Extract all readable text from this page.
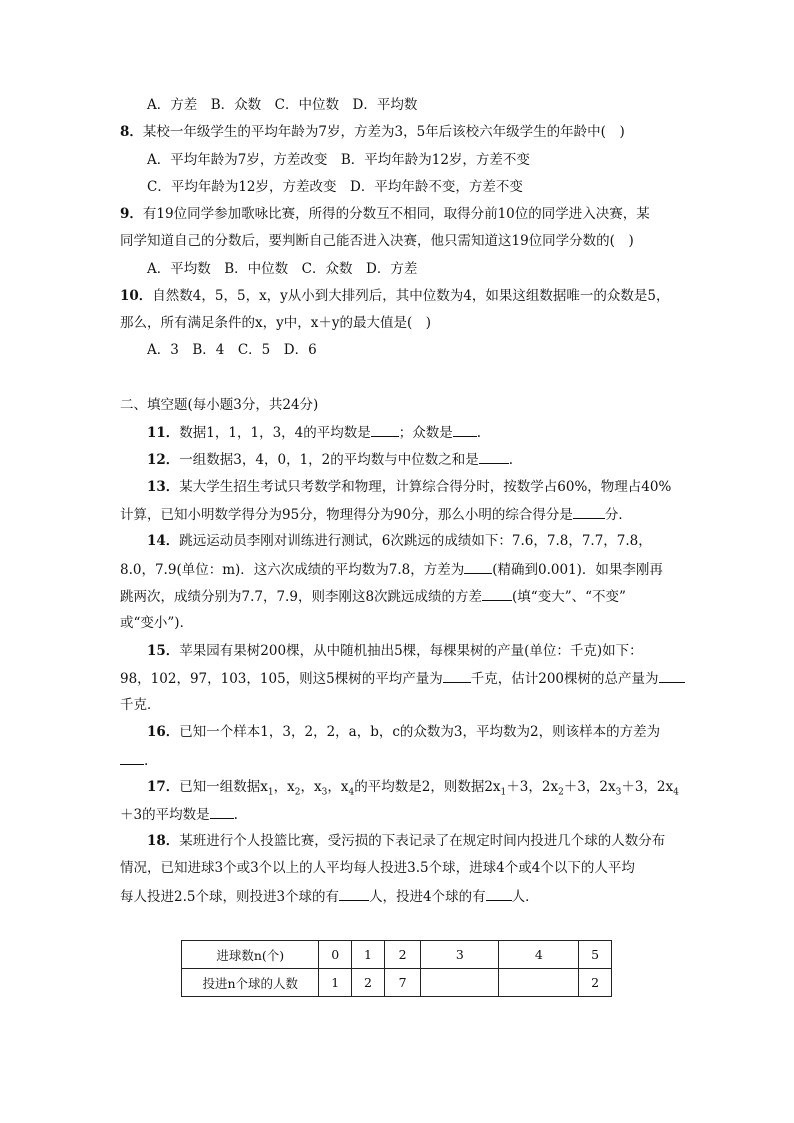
A．方差　B．众数　C．中位数　D．平均数
8．某校一年级学生的平均年龄为7岁，方差为3，5年后该校六年级学生的年龄中(　)
A．平均年龄为7岁，方差改变　B．平均年龄为12岁，方差不变
C．平均年龄为12岁，方差改变　D．平均年龄不变，方差不变
9．有19位同学参加歌咏比赛，所得的分数互不相同，取得分前10位的同学进入决赛，某
同学知道自己的分数后，要判断自己能否进入决赛，他只需知道这19位同学分数的(　)
A．平均数　B．中位数　C．众数　D．方差
10．自然数4，5，5，x，y从小到大排列后，其中位数为4，如果这组数据唯一的众数是5，
那么，所有满足条件的x，y中，x＋y的最大值是(　)
A．3　B．4　C．5　D．6
二、填空题(每小题3分，共24分)
11．数据1，1，1，3，4的平均数是 ；众数是 .
12．一组数据3，4，0，1，2的平均数与中位数之和是 .
13．某大学生招生考试只考数学和物理，计算综合得分时，按数学占60%，物理占40%
计算，已知小明数学得分为95分，物理得分为90分，那么小明的综合得分是 分．
14．跳远运动员李刚对训练进行测试，6次跳远的成绩如下：7.6，7.8，7.7，7.8，
8.0，7.9(单位：m)．这六次成绩的平均数为7.8，方差为 (精确到0.001)．如果李刚再
跳两次，成绩分别为7.7，7.9，则李刚这8次跳远成绩的方差 (填“变大”、“不变”
或“变小”)．
15．苹果园有果树200棵，从中随机抽出5棵，每棵果树的产量(单位：千克)如下：
98，102，97，103，105，则这5棵树的平均产量为 千克，估计200棵树的总产量为
千克．
16．已知一个样本1，3，2，2，a，b，c的众数为3，平均数为2，则该样本的方差为
.
17．已知一组数据$x_1$，$x_2$，$x_3$，$x_4$的平均数是2，则数据$2x_1+3$，$2x_2+3$，$2x_3+3$，$2x_4$
＋3的平均数是 .
18．某班进行个人投篮比赛，受污损的下表记录了在规定时间内投进几个球的人数分布
情况，已知进球3个或3个以上的人平均每人投进3.5个球，进球4个或4个以下的人平均
每人投进2.5个球，则投进3个球的有 人，投进4个球的有 人．
进球数n(个)	0	1	2	3	4	5
投进n个球的人数	1	2	7			2
